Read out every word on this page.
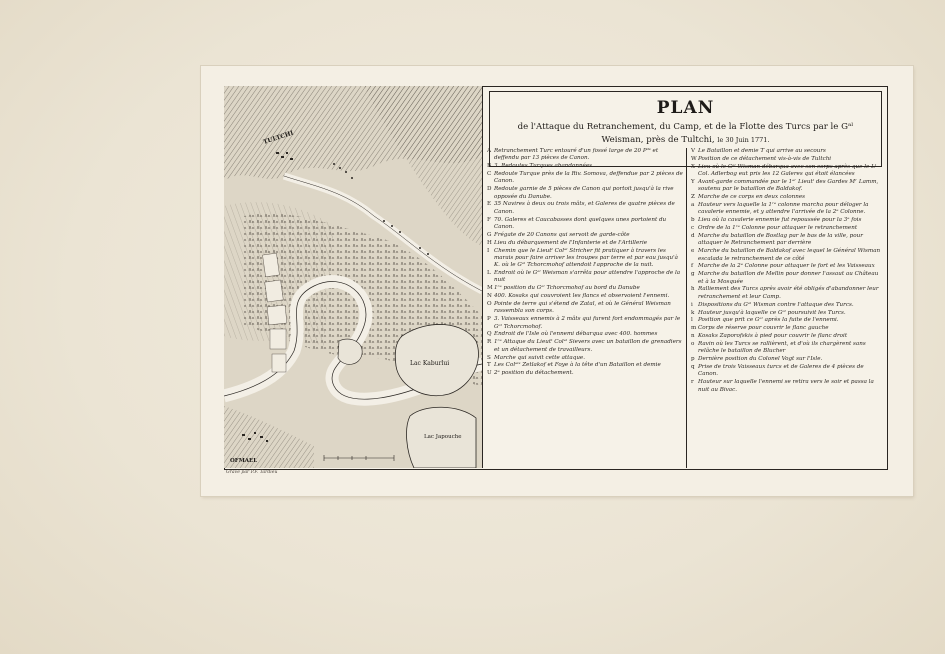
TULTCHI
OFMAEL
Lac Kaburlui
Lac Japouche
PLAN
de l'Attaque du Retranchement, du Camp, et de la Flotte des Turcs par le Gᵃˡ
Weisman, près de Tultchi, le 30 Juin 1771.
A Retranchement Turc entouré d'un fossé large de 20 Pᵈˢ et deffendu par 13 pièces de Canon.
B 3. Redoutes Turques abandonnées
C Redoute Turque près de la Riv. Somova, deffendue par 2 pièces de Canon.
D Redoute garnie de 5 pièces de Canon qui portoit jusqu'à la rive opposée du Danube.
E 35 Navires à deux ou trois mâts, et Galeres de quatre pièces de Canon.
F 70. Galeres et Caucabasses dont quelques unes portoient du Canon.
G Frégate de 20 Canons qui servoit de garde-côte
H Lieu du débarquement de l'Infanterie et de l'Artillerie
I Chemin que le Lieutᵗ Colᵉˡ Stricher fit pratiquer à travers les marais pour faire arriver les troupes par terre et par eau jusqu'à K. où le Gᵃˡ Tchorcmohof attendoit l'approche de la nuit.
L Endroit où le Gᵃˡ Weisman s'arrêta pour attendre l'approche de la nuit
M 1ʳᵉ position du Gᵃˡ Tchorcmohof au bord du Danube
N 400. Kosaks qui couvroient les flancs et observoient l'ennemi.
O Pointe de terre qui s'étend de Zatal, et où le Général Weisman rassembla son corps.
P 3. Vaisseaux ennemis à 2 mâts qui furent fort endommagés par le Gᵃˡ Tchorcmohof.
Q Endroit de l'Isle où l'ennemi débarqua avec 400. hommes
R 1ʳᵉ Attaque du Lieutᵗ Colᵉˡ Sievers avec un bataillon de grenadiers et un détachement de travailleurs.
S Marche qui suivit cette attaque.
T Les Colᵉˡˢ Zetlakof et Foye à la tête d'un Bataillon et demie
U 2ᵉ position du détachement.
V Le Bataillon et demie T qui arrive au secours
W Position de ce détachement vis-à-vis de Tultchi
X Lieu où le Gᵃˡ Wisman débarqua avec son corps après que le Lᵗ Col. Adlerbog eut pris les 12 Galeres qui étoit élancées
Y Avant-garde commandée par le 1ᵉʳ Lieutᵗ des Gardes Mʳ Lamm, soutenu par le bataillon de Baldakof.
Z Marche de ce corps en deux colonnes
a Hauteur vers laquelle la 1ʳᵉ colonne marcha pour déloger la cavalerie ennemie, et y attendre l'arrivée de la 2ᵉ Colonne.
b Lieu où la cavalerie ennemie fut repoussée pour la 3ᵉ fois
c Ordre de la 1ʳᵉ Colonne pour attaquer le retranchement
d Marche du bataillon de Bostlag par le bas de la ville, pour attaquer le Retranchement par derrière
e Marche du bataillon de Baldakof avec lequel le Général Wisman escalada le retranchement de ce côté
f Marche de la 2ᵉ Colonne pour attaquer le fort et les Vaisseaux
g Marche du bataillon de Mellin pour donner l'assaut au Château et à la Mosquée
h Ralliement des Turcs après avoir été obligés d'abandonner leur retranchement et leur Camp.
i Dispositions du Gᵃˡ Wisman contre l'attaque des Turcs.
k Hauteur jusqu'à laquelle ce Gᵃˡ poursuivit les Turcs.
l Position que prit ce Gᵃˡ après la fuite de l'ennemi.
m Corps de réserve pour couvrir le flanc gauche
n Kosaks Zaporofskis à pied pour couvrir le flanc droit
o Ravin où les Turcs se rallièrent, et d'où ils chargèrent sans relâche le bataillon de Blucher
p Dernière position du Colonel Vogt sur l'Isle.
q Prise de trois Vaisseaux turcs et de Galeres de 4 pièces de Canon.
r Hauteur sur laquelle l'ennemi se retira vers le soir et passa la nuit au Bivac.
Gravé par P.F. Tardieu
